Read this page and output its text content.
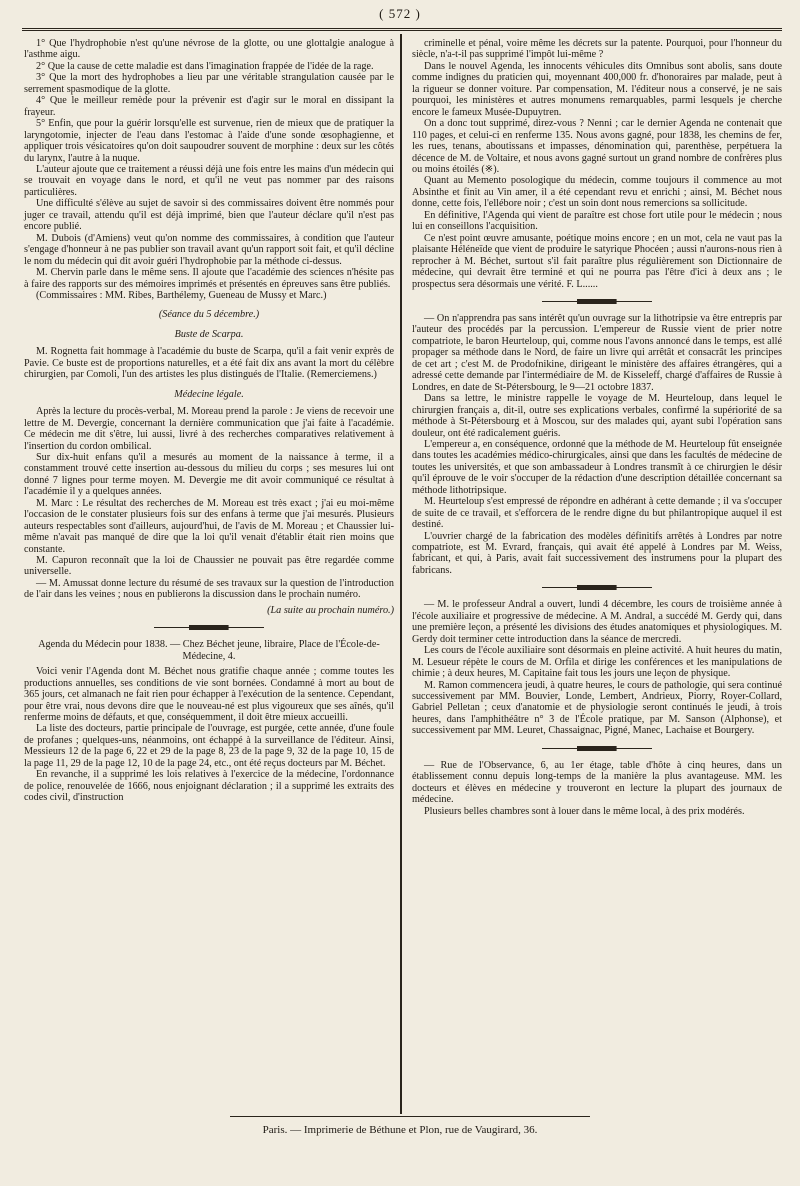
( 572 )

1° Que l'hydrophobie n'est qu'une névrose de la glotte, ou une glottalgie analogue à l'asthme aigu.

2° Que la cause de cette maladie est dans l'imagination frappée de l'idée de la rage.

3° Que la mort des hydrophobes a lieu par une véritable strangulation causée par le serrement spasmodique de la glotte.

4° Que le meilleur remède pour la prévenir est d'agir sur le moral en dissipant la frayeur.

5° Enfin, que pour la guérir lorsqu'elle est survenue, rien de mieux que de pratiquer la laryngotomie, injecter de l'eau dans l'estomac à l'aide d'une sonde œsophagienne, et appliquer trois vésicatoires qu'on doit saupoudrer souvent de morphine : deux sur les côtés du larynx, l'autre à la nuque.

L'auteur ajoute que ce traitement a réussi déjà une fois entre les mains d'un médecin qui se trouvait en voyage dans le nord, et qu'il ne veut pas nommer par des raisons particulières.

Une difficulté s'élève au sujet de savoir si des commissaires doivent être nommés pour juger ce travail, attendu qu'il est déjà imprimé, bien que l'auteur déclare qu'il n'est pas encore publié.

M. Dubois (d'Amiens) veut qu'on nomme des commissaires, à condition que l'auteur s'engage d'honneur à ne pas publier son travail avant qu'un rapport soit fait, et qu'il décline le nom du médecin qui dit avoir guéri l'hydrophobie par la méthode ci-dessus.

M. Chervin parle dans le même sens. Il ajoute que l'académie des sciences n'hésite pas à faire des rapports sur des mémoires imprimés et présentés en épreuves sans être publiés.

(Commissaires : MM. Ribes, Barthélemy, Gueneau de Mussy et Marc.)

(Séance du 5 décembre.)

Buste de Scarpa.

M. Rognetta fait hommage à l'académie du buste de Scarpa, qu'il a fait venir exprès de Pavie. Ce buste est de proportions naturelles, et a été fait dix ans avant la mort du célèbre chirurgien, par Comoli, l'un des artistes les plus distingués de l'Italie. (Remerciemens.)

Médecine légale.

Après la lecture du procès-verbal, M. Moreau prend la parole : Je viens de recevoir une lettre de M. Devergie, concernant la dernière communication que j'ai faite à l'académie. Ce médecin me dit s'être, lui aussi, livré à des recherches comparatives relativement à l'insertion du cordon ombilical.

Sur dix-huit enfans qu'il a mesurés au moment de la naissance à terme, il a constamment trouvé cette insertion au-dessous du milieu du corps ; ses mesures lui ont donné 7 lignes pour terme moyen. M. Devergie me dit avoir communiqué ce résultat à l'académie il y a quelques années.

M. Marc : Le résultat des recherches de M. Moreau est très exact ; j'ai eu moi-même l'occasion de le constater plusieurs fois sur des enfans à terme que j'ai mesurés. Plusieurs auteurs respectables sont d'ailleurs, aujourd'hui, de l'avis de M. Moreau ; et Chaussier lui-même n'avait pas manqué de dire que la loi qu'il venait d'établir était rien moins que constante.

M. Capuron reconnaît que la loi de Chaussier ne pouvait pas être regardée comme universelle.

— M. Amussat donne lecture du résumé de ses travaux sur la question de l'introduction de l'air dans les veines ; nous en publierons la discussion dans le prochain numéro.

(La suite au prochain numéro.)

Agenda du Médecin pour 1838. — Chez Béchet jeune, libraire, Place de l'École-de-Médecine, 4.

Voici venir l'Agenda dont M. Béchet nous gratifie chaque année ; comme toutes les productions annuelles, ses conditions de vie sont bornées. Condamné à mort au bout de 365 jours, cet almanach ne fait rien pour échapper à l'exécution de la sentence. Cependant, pour être vrai, nous devons dire que le nouveau-né est plus vigoureux que ses aînés, qu'il renferme moins de défauts, et que, conséquemment, il doit être mieux accueilli.

La liste des docteurs, partie principale de l'ouvrage, est purgée, cette année, d'une foule de profanes ; quelques-uns, néanmoins, ont échappé à la surveillance de l'éditeur. Ainsi, Messieurs 12 de la page 6, 22 et 29 de la page 8, 23 de la page 9, 32 de la page 10, 15 de la page 11, 29 de la page 12, 10 de la page 24, etc., ont été reçus docteurs par M. Béchet.

En revanche, il a supprimé les lois relatives à l'exercice de la médecine, l'ordonnance de police, renouvelée de 1666, nous enjoignant déclaration ; il a supprimé les extraits des codes civil, d'instruction

criminelle et pénal, voire même les décrets sur la patente. Pourquoi, pour l'honneur du siècle, n'a-t-il pas supprimé l'impôt lui-même ?

Dans le nouvel Agenda, les innocents véhicules dits Omnibus sont abolis, sans doute comme indignes du praticien qui, moyennant 400,000 fr. d'honoraires par malade, peut à la rigueur se donner voiture. Par compensation, M. l'éditeur nous a conservé, je ne sais pourquoi, les ministères et autres monumens remarquables, parmi lesquels je cherche encore le fameux Musée-Dupuytren.

On a donc tout supprimé, direz-vous ? Nenni ; car le dernier Agenda ne contenait que 110 pages, et celui-ci en renferme 135. Nous avons gagné, pour 1838, les chemins de fer, les rues, tenans, aboutissans et impasses, dénomination qui, parenthèse, perpétuera la décence de M. de Voltaire, et nous avons gagné surtout un grand nombre de confrères plus ou moins étoilés (※).

Quant au Memento posologique du médecin, comme toujours il commence au mot Absinthe et finit au Vin amer, il a été cependant revu et enrichi ; ainsi, M. Béchet nous donne, cette fois, l'ellébore noir ; c'est un soin dont nous remercions sa sollicitude.

En définitive, l'Agenda qui vient de paraître est chose fort utile pour le médecin ; nous lui en conseillons l'acquisition.

Ce n'est point œuvre amusante, poétique moins encore ; en un mot, cela ne vaut pas la plaisante Héléneïde que vient de produire le satyrique Phocéen ; aussi n'aurons-nous rien à reprocher à M. Béchet, surtout s'il fait paraître plus régulièrement son Dictionnaire de médecine, qui devrait être terminé et qui ne pourra pas l'être d'ici à deux ans ; le prospectus sera désormais une vérité. F. L......

— On n'apprendra pas sans intérêt qu'un ouvrage sur la lithotripsie va être entrepris par l'auteur des procédés par la percussion. L'empereur de Russie vient de prier notre compatriote, le baron Heurteloup, qui, comme nous l'avons annoncé dans le temps, est allé propager sa méthode dans le Nord, de faire un livre qui arrêtât et consacrât les principes de cet art ; c'est M. de Prodofnikine, dirigeant le ministère des affaires étrangères, qui a adressé cette demande par l'intermédiaire de M. de Kisseleff, chargé d'affaires de Russie à Londres, en date de St-Pétersbourg, le 9—21 octobre 1837.

Dans sa lettre, le ministre rappelle le voyage de M. Heurteloup, dans lequel le chirurgien français a, dit-il, outre ses explications verbales, confirmé la supériorité de sa méthode à St-Pétersbourg et à Moscou, sur des malades qui, ayant subi l'opération sans douleur, ont été radicalement guéris.

L'empereur a, en conséquence, ordonné que la méthode de M. Heurteloup fût enseignée dans toutes les académies médico-chirurgicales, ainsi que dans les facultés de médecine de toutes les universités, et que son ambassadeur à Londres transmît à ce chirurgien le désir qu'il éprouve de le voir s'occuper de la rédaction d'une description détaillée concernant sa méthode lithotripsique.

M. Heurteloup s'est empressé de répondre en adhérant à cette demande ; il va s'occuper de suite de ce travail, et s'efforcera de le rendre digne du but philantropique auquel il est destiné.

L'ouvrier chargé de la fabrication des modèles définitifs arrêtés à Londres par notre compatriote, est M. Evrard, français, qui avait été appelé à Londres par M. Weiss, fabricant, et qui, à Paris, avait fait successivement des instrumens pour la plupart des fabricans.

— M. le professeur Andral a ouvert, lundi 4 décembre, les cours de troisième année à l'école auxiliaire et progressive de médecine. A M. Andral, a succédé M. Gerdy qui, dans une première leçon, a présenté les divisions des études anatomiques et physiologiques. M. Gerdy doit terminer cette introduction dans la séance de mercredi.

Les cours de l'école auxiliaire sont désormais en pleine activité. A huit heures du matin, M. Lesueur répète le cours de M. Orfila et dirige les conférences et les manipulations de chimie ; à deux heures, M. Capitaine fait tous les jours une leçon de physique.

M. Ramon commencera jeudi, à quatre heures, le cours de pathologie, qui sera continué successivement par MM. Bouvier, Londe, Lembert, Andrieux, Piorry, Royer-Collard, Gabriel Pelletan ; ceux d'anatomie et de physiologie seront continués le jeudi, à trois heures, dans l'amphithéâtre n° 3 de l'École pratique, par M. Sanson (Alphonse), et successivement par MM. Leuret, Chassaignac, Pigné, Manec, Lachaise et Bourgery.

— Rue de l'Observance, 6, au 1er étage, table d'hôte à cinq heures, dans un établissement connu depuis long-temps de la manière la plus avantageuse. MM. les docteurs et élèves en médecine y trouveront en lecture la plupart des journaux de médecine.

Plusieurs belles chambres sont à louer dans le même local, à des prix modérés.

Paris. — Imprimerie de Béthune et Plon, rue de Vaugirard, 36.
